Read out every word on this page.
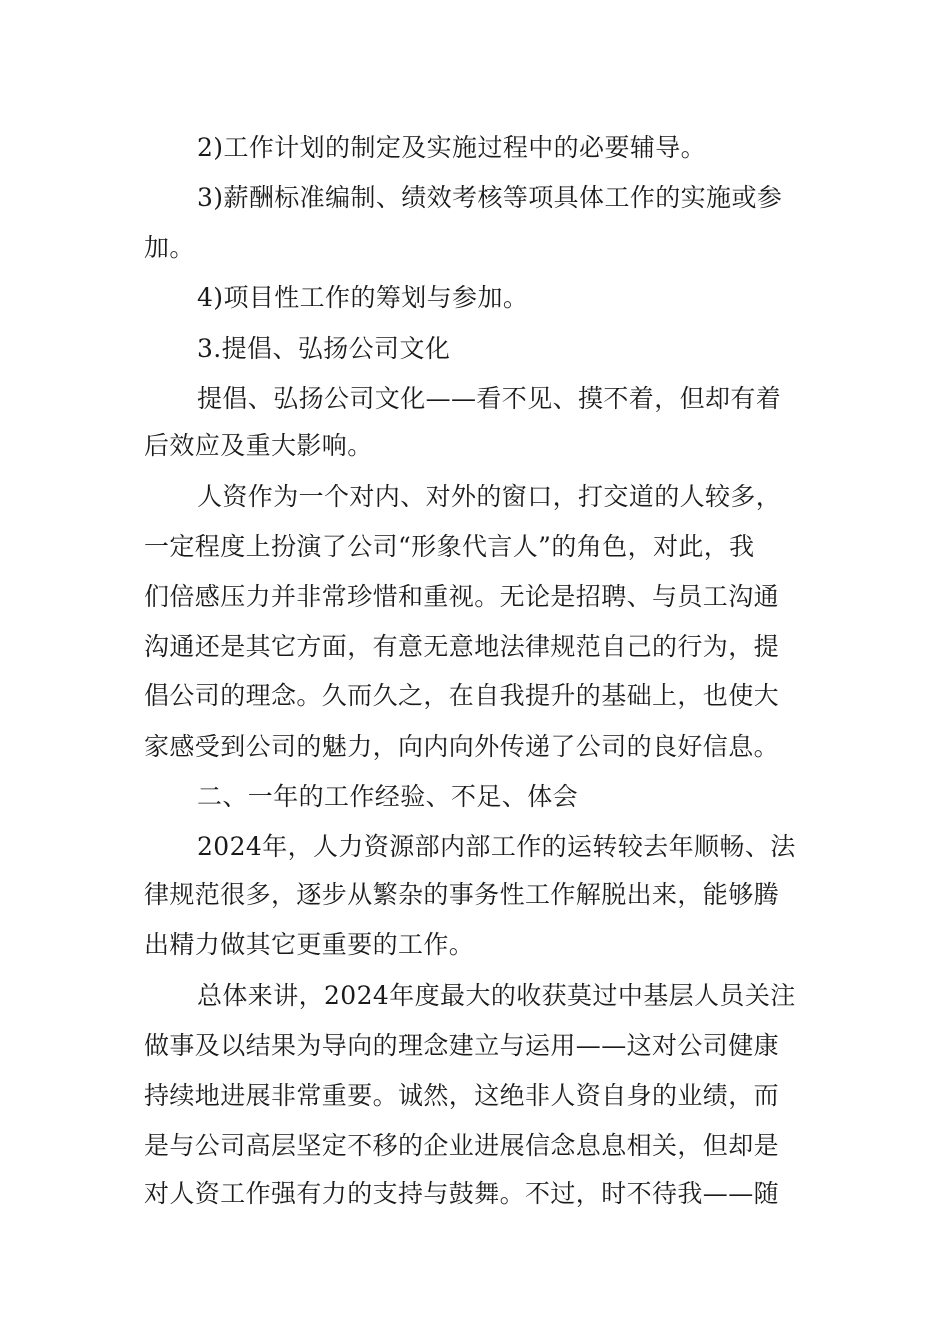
2)工作计划的制定及实施过程中的必要辅导。
3)薪酬标准编制、绩效考核等项具体工作的实施或参
加。
4)项目性工作的筹划与参加。
3.提倡、弘扬公司文化
提倡、弘扬公司文化——看不见、摸不着，但却有着
后效应及重大影响。
人资作为一个对内、对外的窗口，打交道的人较多，
一定程度上扮演了公司“形象代言人”的角色，对此，我
们倍感压力并非常珍惜和重视。无论是招聘、与员工沟通
沟通还是其它方面，有意无意地法律规范自己的行为，提
倡公司的理念。久而久之，在自我提升的基础上，也使大
家感受到公司的魅力，向内向外传递了公司的良好信息。
二、一年的工作经验、不足、体会
2024年，人力资源部内部工作的运转较去年顺畅、法
律规范很多，逐步从繁杂的事务性工作解脱出来，能够腾
出精力做其它更重要的工作。
总体来讲，2024年度最大的收获莫过中基层人员关注
做事及以结果为导向的理念建立与运用——这对公司健康
持续地进展非常重要。诚然，这绝非人资自身的业绩，而
是与公司高层坚定不移的企业进展信念息息相关，但却是
对人资工作强有力的支持与鼓舞。不过，时不待我——随
